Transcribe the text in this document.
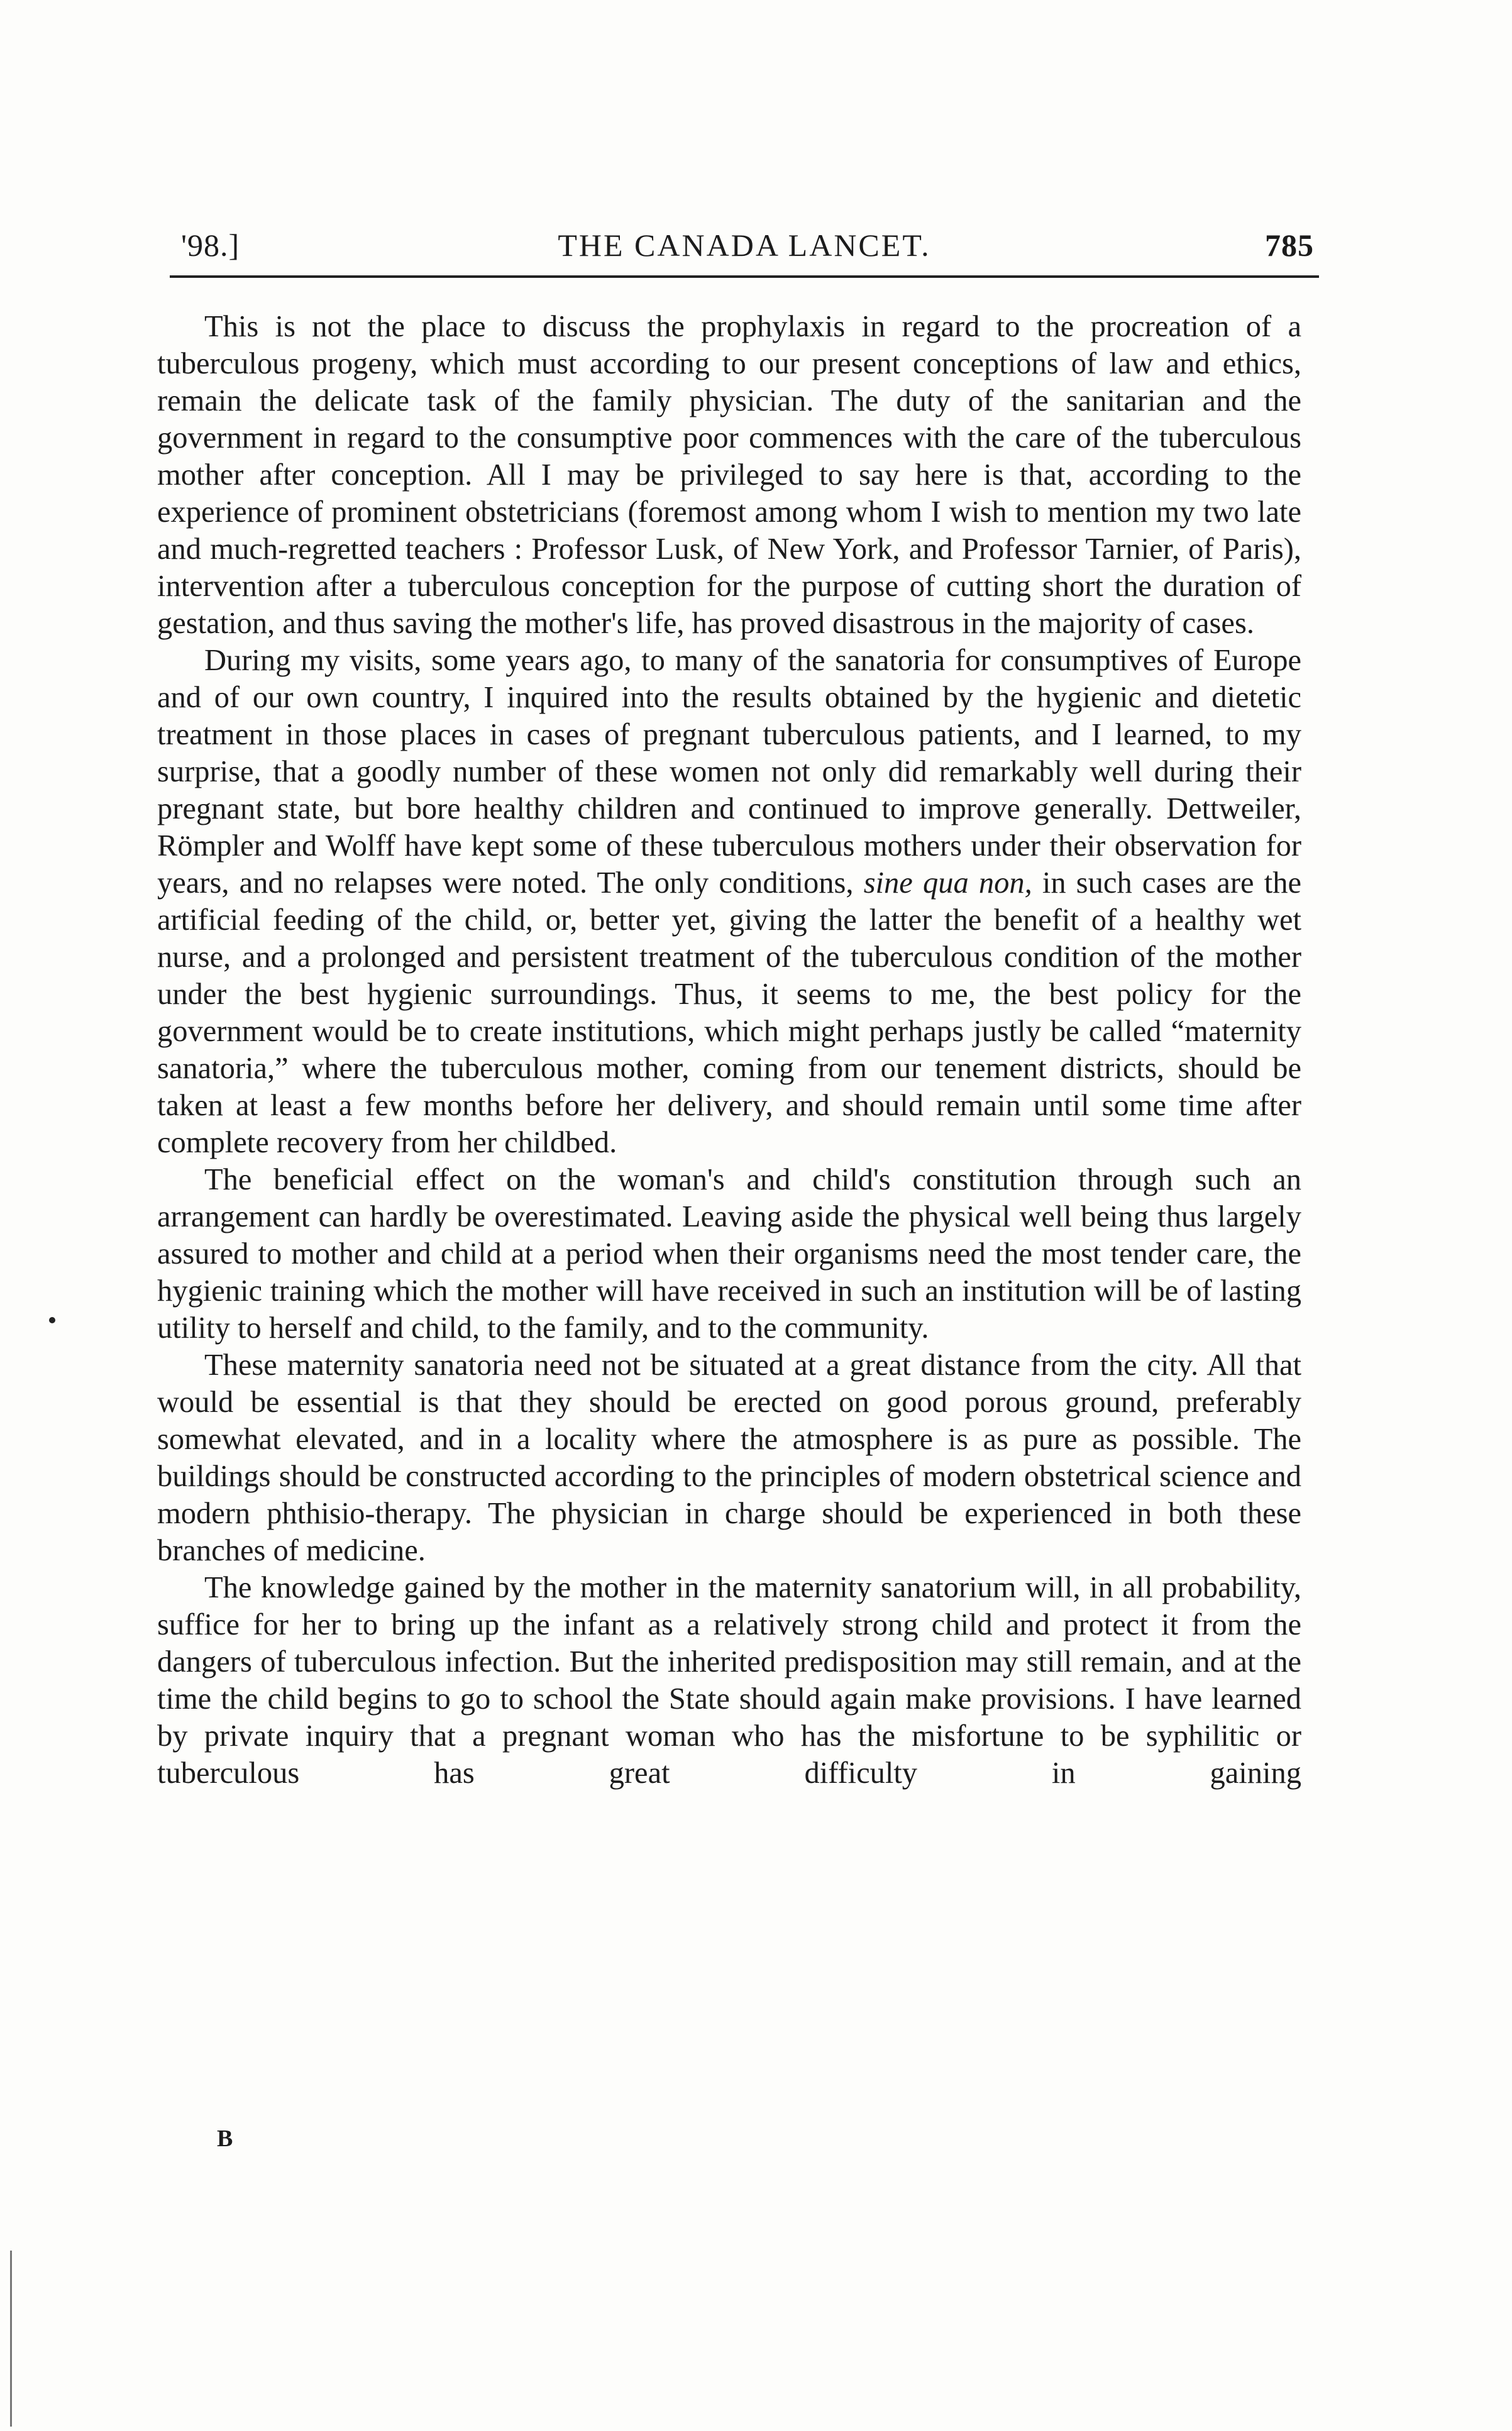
'98.]	THE CANADA LANCET.	785

This is not the place to discuss the prophylaxis in regard to the procreation of a tuberculous progeny, which must according to our present conceptions of law and ethics, remain the delicate task of the family physician. The duty of the sanitarian and the government in regard to the consumptive poor commences with the care of the tuberculous mother after conception. All I may be privileged to say here is that, according to the experience of prominent obstetricians (foremost among whom I wish to mention my two late and much-regretted teachers : Professor Lusk, of New York, and Professor Tarnier, of Paris), intervention after a tuberculous conception for the purpose of cutting short the duration of gestation, and thus saving the mother's life, has proved disastrous in the majority of cases.

During my visits, some years ago, to many of the sanatoria for consumptives of Europe and of our own country, I inquired into the results obtained by the hygienic and dietetic treatment in those places in cases of pregnant tuberculous patients, and I learned, to my surprise, that a goodly number of these women not only did remarkably well during their pregnant state, but bore healthy children and continued to improve generally. Dettweiler, Römpler and Wolff have kept some of these tuberculous mothers under their observation for years, and no relapses were noted. The only conditions, sine qua non, in such cases are the artificial feeding of the child, or, better yet, giving the latter the benefit of a healthy wet nurse, and a prolonged and persistent treatment of the tuberculous condition of the mother under the best hygienic surroundings. Thus, it seems to me, the best policy for the government would be to create institutions, which might perhaps justly be called “maternity sanatoria,” where the tuberculous mother, coming from our tenement districts, should be taken at least a few months before her delivery, and should remain until some time after complete recovery from her childbed.

The beneficial effect on the woman's and child's constitution through such an arrangement can hardly be overestimated. Leaving aside the physical well being thus largely assured to mother and child at a period when their organisms need the most tender care, the hygienic training which the mother will have received in such an institution will be of lasting utility to herself and child, to the family, and to the community.

These maternity sanatoria need not be situated at a great distance from the city. All that would be essential is that they should be erected on good porous ground, preferably somewhat elevated, and in a locality where the atmosphere is as pure as possible. The buildings should be constructed according to the principles of modern obstetrical science and modern phthisio-therapy. The physician in charge should be experienced in both these branches of medicine.

The knowledge gained by the mother in the maternity sanatorium will, in all probability, suffice for her to bring up the infant as a relatively strong child and protect it from the dangers of tuberculous infection. But the inherited predisposition may still remain, and at the time the child begins to go to school the State should again make provisions. I have learned by private inquiry that a pregnant woman who has the misfortune to be syphilitic or tuberculous has great difficulty in gaining

B
